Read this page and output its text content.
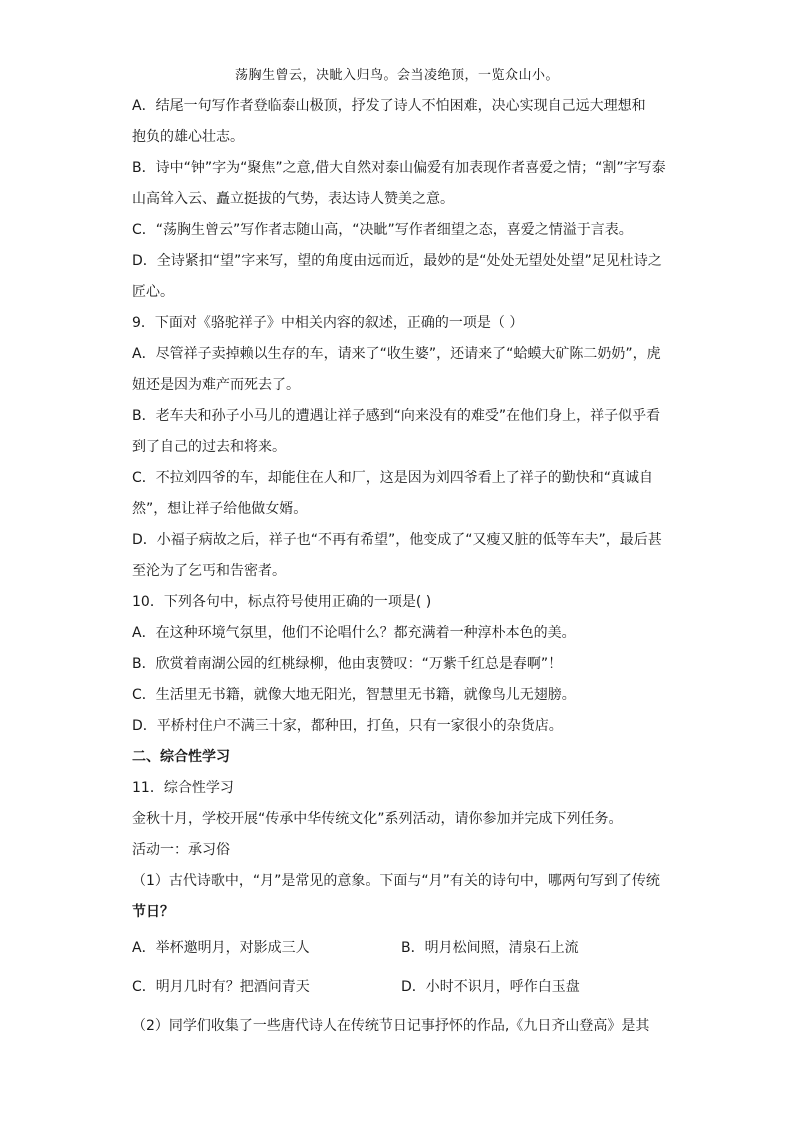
荡胸生曾云，决眦入归鸟。会当凌绝顶，一览众山小。

A．结尾一句写作者登临泰山极顶，抒发了诗人不怕困难，决心实现自己远大理想和

抱负的雄心壮志。

B．诗中“钟”字为“聚焦”之意,借大自然对泰山偏爱有加表现作者喜爱之情；“割”字写泰

山高耸入云、矗立挺拔的气势，表达诗人赞美之意。

C．“荡胸生曾云”写作者志随山高，“决眦”写作者细望之态，喜爱之情溢于言表。

D．全诗紧扣“望”字来写，望的角度由远而近，最妙的是“处处无望处处望”足见杜诗之

匠心。

9．下面对《骆驼祥子》中相关内容的叙述，正确的一项是（ ）

A．尽管祥子卖掉赖以生存的车，请来了“收生婆”，还请来了“蛤蟆大矿陈二奶奶”，虎

妞还是因为难产而死去了。

B．老车夫和孙子小马儿的遭遇让祥子感到“向来没有的难受”在他们身上，祥子似乎看

到了自己的过去和将来。

C．不拉刘四爷的车，却能住在人和厂，这是因为刘四爷看上了祥子的勤快和“真诚自

然”，想让祥子给他做女婿。

D．小福子病故之后，祥子也“不再有希望”，他变成了“又瘦又脏的低等车夫”，最后甚

至沦为了乞丐和告密者。

10．下列各句中，标点符号使用正确的一项是( )

A．在这种环境气氛里，他们不论唱什么？都充满着一种淳朴本色的美。

B．欣赏着南湖公园的红桃绿柳，他由衷赞叹：“万紫千红总是春啊”！

C．生活里无书籍，就像大地无阳光，智慧里无书籍，就像鸟儿无翅膀。

D．平桥村住户不满三十家，都种田，打鱼，只有一家很小的杂货店。

二、综合性学习

11．综合性学习

金秋十月，学校开展“传承中华传统文化”系列活动，请你参加并完成下列任务。

活动一：承习俗

（1）古代诗歌中，“月”是常见的意象。下面与“月”有关的诗句中，哪两句写到了传统

节日？

A．举杯邀明月，对影成三人	B．明月松间照，清泉石上流
C．明月几时有？把酒问青天	D．小时不识月，呼作白玉盘

（2）同学们收集了一些唐代诗人在传统节日记事抒怀的作品,《九日齐山登高》是其
